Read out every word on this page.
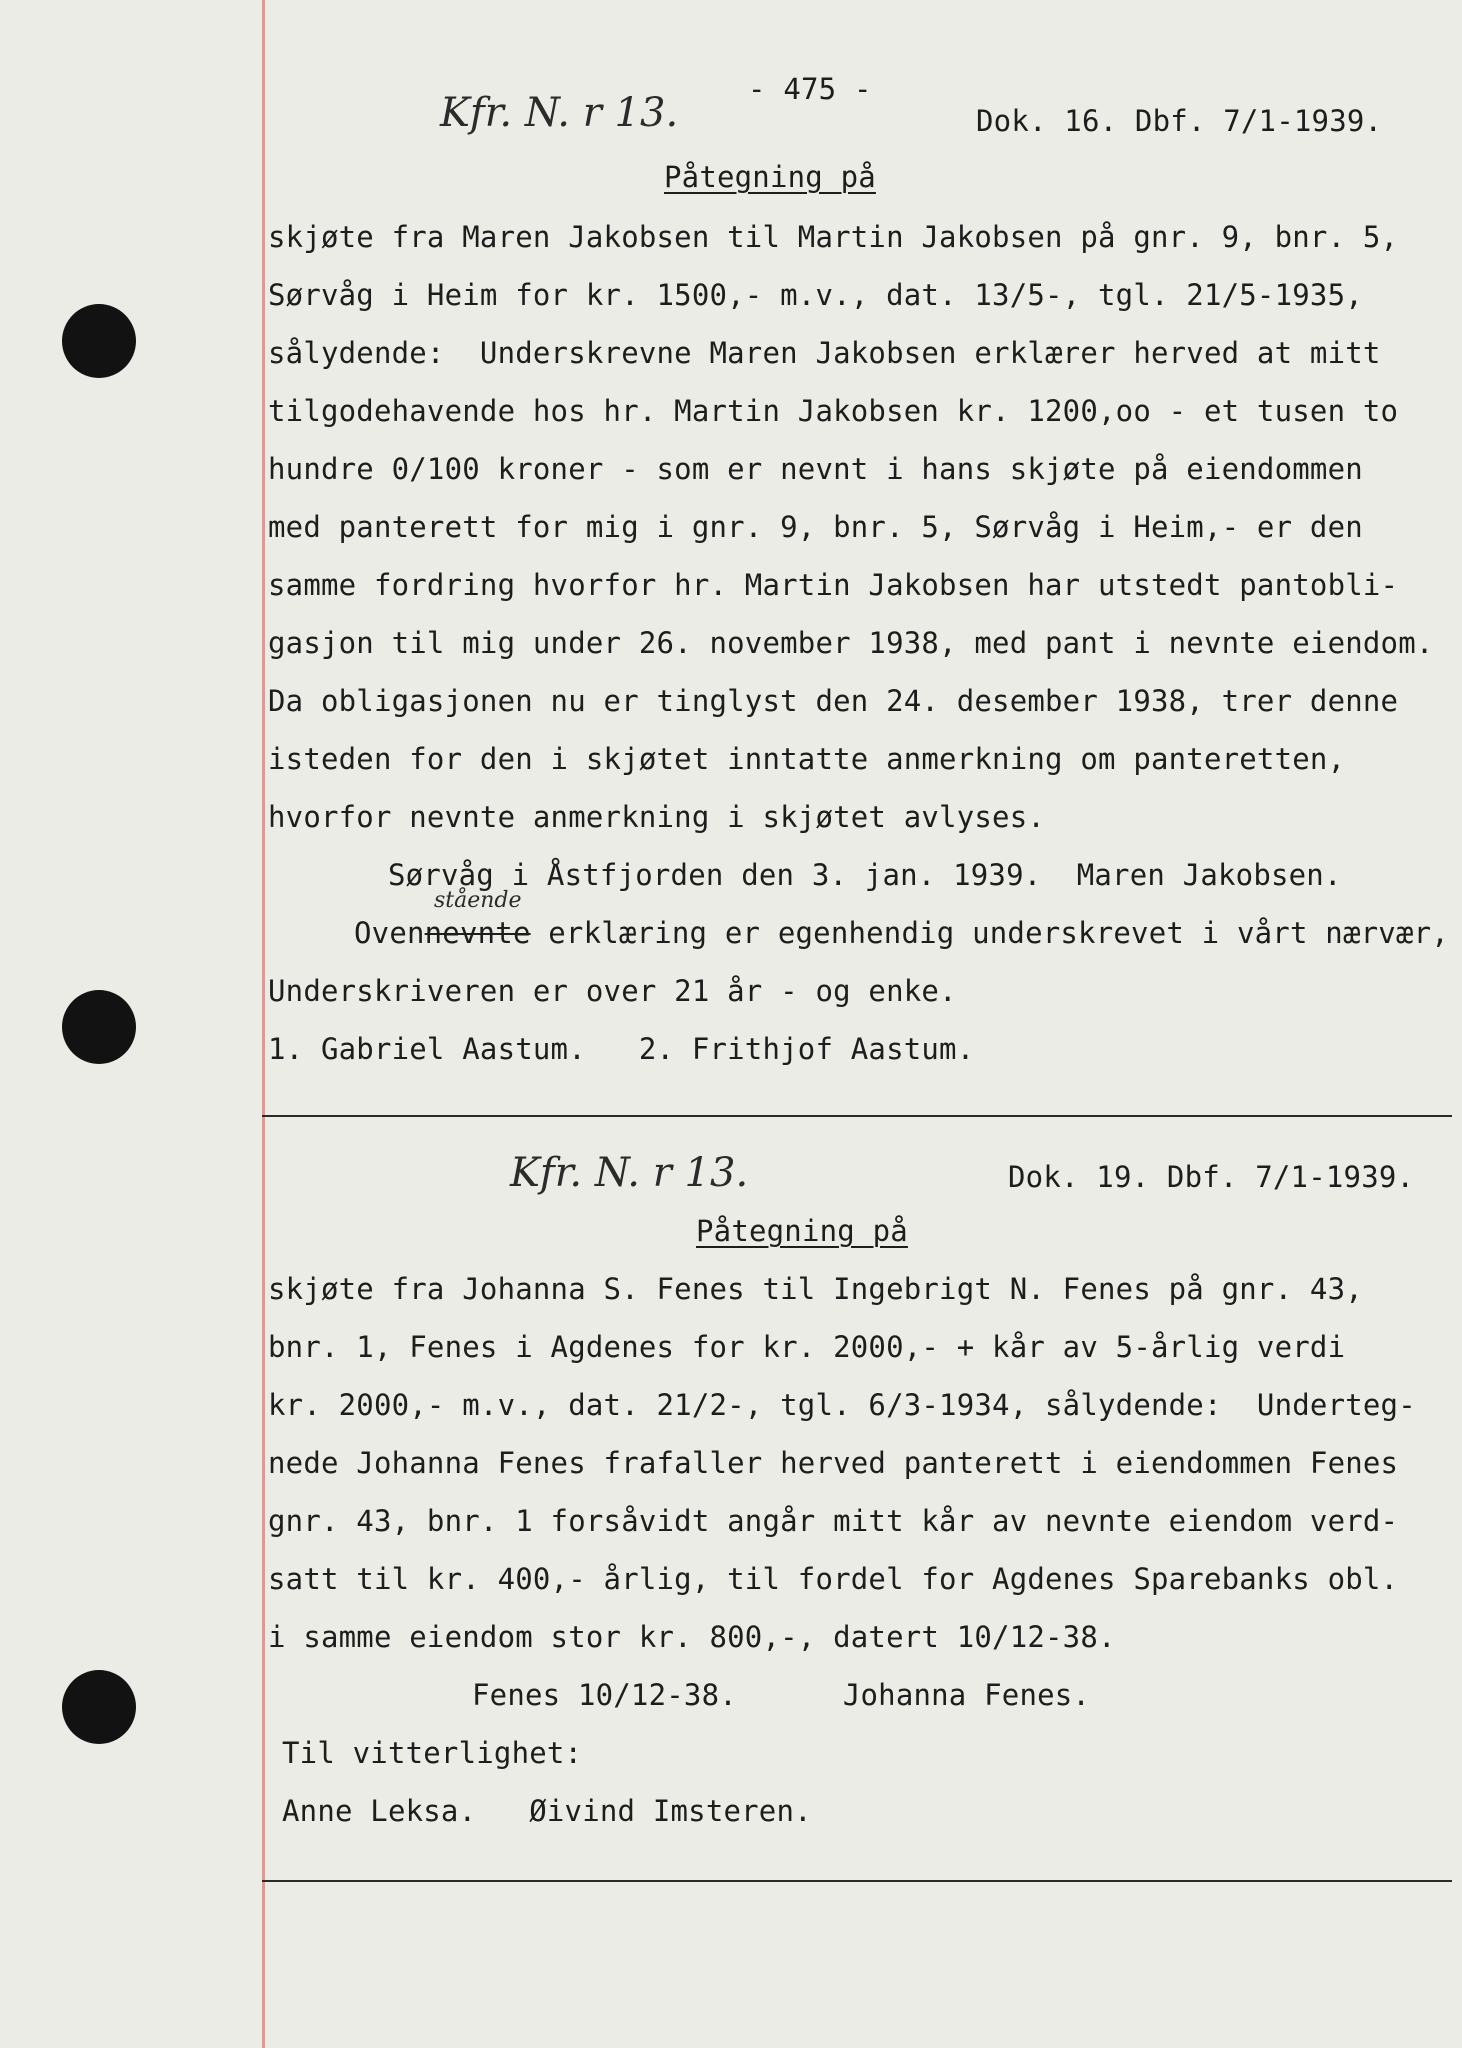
- 475 -
Kfr. N. r 13.	Dok. 16. Dbf. 7/1-1939.
Påtegning på
skjøte fra Maren Jakobsen til Martin Jakobsen på gnr. 9, bnr. 5,
Sørvåg i Heim for kr. 1500,- m.v., dat. 13/5-, tgl. 21/5-1935,
sålydende:  Underskrevne Maren Jakobsen erklærer herved at mitt
tilgodehavende hos hr. Martin Jakobsen kr. 1200,oo - et tusen to
hundre 0/100 kroner - som er nevnt i hans skjøte på eiendommen
med panterett for mig i gnr. 9, bnr. 5, Sørvåg i Heim,- er den
samme fordring hvorfor hr. Martin Jakobsen har utstedt pantobli-
gasjon til mig under 26. november 1938, med pant i nevnte eiendom.
Da obligasjonen nu er tinglyst den 24. desember 1938, trer denne
isteden for den i skjøtet inntatte anmerkning om panteretten,
hvorfor nevnte anmerkning i skjøtet avlyses.
Sørvåg i Åstfjorden den 3. jan. 1939.  Maren Jakobsen.
stående
Ovennevnte erklæring er egenhendig underskrevet i vårt nærvær,
Underskriveren er over 21 år - og enke.
1. Gabriel Aastum.   2. Frithjof Aastum.
Kfr. N. r 13.	Dok. 19. Dbf. 7/1-1939.
Påtegning på
skjøte fra Johanna S. Fenes til Ingebrigt N. Fenes på gnr. 43,
bnr. 1, Fenes i Agdenes for kr. 2000,- + kår av 5-årlig verdi
kr. 2000,- m.v., dat. 21/2-, tgl. 6/3-1934, sålydende:  Underteg-
nede Johanna Fenes frafaller herved panterett i eiendommen Fenes
gnr. 43, bnr. 1 forsåvidt angår mitt kår av nevnte eiendom verd-
satt til kr. 400,- årlig, til fordel for Agdenes Sparebanks obl.
i samme eiendom stor kr. 800,-, datert 10/12-38.
Fenes 10/12-38.      Johanna Fenes.
Til vitterlighet:
Anne Leksa.   Øivind Imsteren.
